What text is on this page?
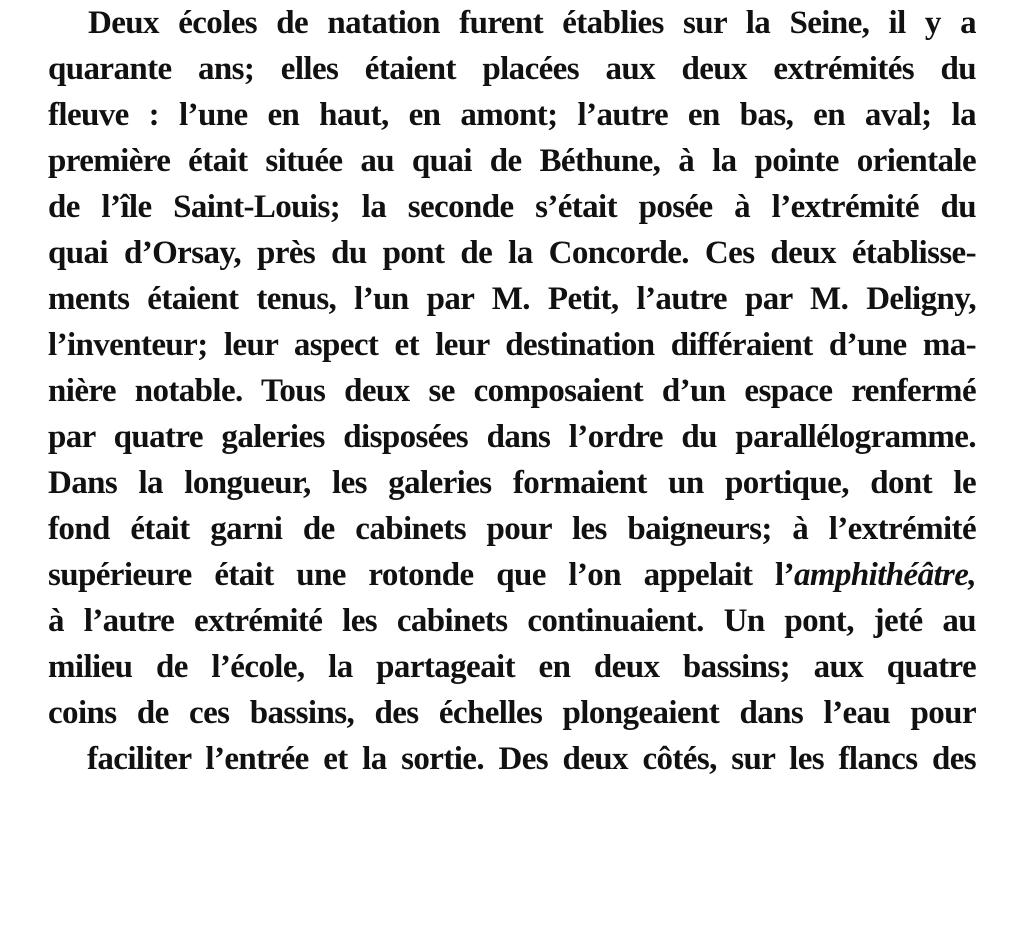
Deux écoles de natation furent établies sur la Seine, il y a
quarante ans; elles étaient placées aux deux extrémités du
fleuve : l’une en haut, en amont; l’autre en bas, en aval; la
première était située au quai de Béthune, à la pointe orientale
de l’île Saint-Louis; la seconde s’était posée à l’extrémité du
quai d’Orsay, près du pont de la Concorde. Ces deux établisse-
ments étaient tenus, l’un par M. Petit, l’autre par M. Deligny,
l’inventeur; leur aspect et leur destination différaient d’une ma-
nière notable. Tous deux se composaient d’un espace renfermé
par quatre galeries disposées dans l’ordre du parallélogramme.
Dans la longueur, les galeries formaient un portique, dont le
fond était garni de cabinets pour les baigneurs; à l’extrémité
supérieure était une rotonde que l’on appelait l’amphithéâtre,
à l’autre extrémité les cabinets continuaient. Un pont, jeté au
milieu de l’école, la partageait en deux bassins; aux quatre
coins de ces bassins, des échelles plongeaient dans l’eau pour
faciliter l’entrée et la sortie. Des deux côtés, sur les flancs des
